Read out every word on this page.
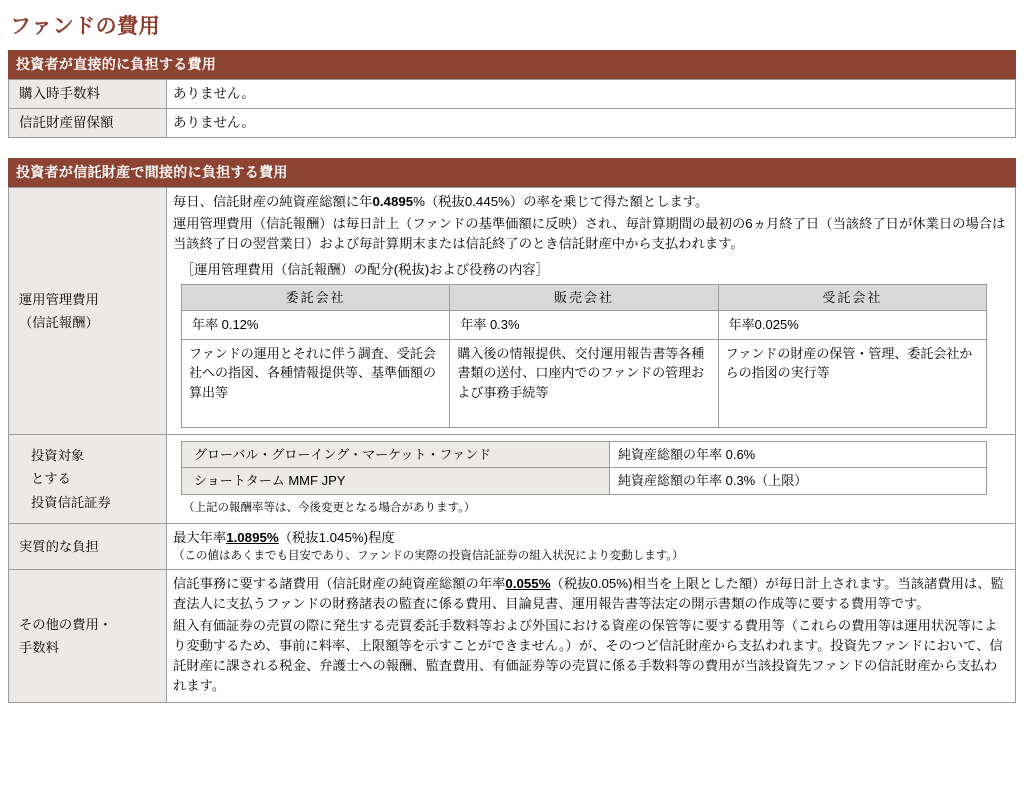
ファンドの費用
投資者が直接的に負担する費用
購入時手数料	ありません。
信託財産留保額	ありません。
投資者が信託財産で間接的に負担する費用
運用管理費用
（信託報酬）

毎日、信託財産の純資産総額に年0.4895%（税抜0.445%）の率を乗じて得た額とします。

運用管理費用（信託報酬）は毎日計上（ファンドの基準価額に反映）され、毎計算期間の最初の6ヵ月終了日（当該終了日が休業日の場合は当該終了日の翌営業日）および毎計算期末または信託終了のとき信託財産中から支払われます。

［運用管理費用（信託報酬）の配分(税抜)および役務の内容］
委託会社	販売会社	受託会社
年率 0.12%	年率 0.3%	年率0.025%
ファンドの運用とそれに伴う調査、受託会社への指図、各種情報提供等、基準価額の算出等	購入後の情報提供、交付運用報告書等各種書類の送付、口座内でのファンドの管理および事務手続等	ファンドの財産の保管・管理、委託会社からの指図の実行等

投資対象
とする
投資信託証券

グローバル・グローイング・マーケット・ファンド	純資産総額の年率 0.6%
ショートターム MMF JPY	純資産総額の年率 0.3%（上限）
（上記の報酬率等は、今後変更となる場合があります。）

実質的な負担	

最大年率1.0895%（税抜1.045%)程度

（この値はあくまでも目安であり、ファンドの実際の投資信託証券の組入状況により変動します。）

その他の費用・
手数料

信託事務に要する諸費用（信託財産の純資産総額の年率0.055%（税抜0.05%)相当を上限とした額）が毎日計上されます。当該諸費用は、監査法人に支払うファンドの財務諸表の監査に係る費用、目論見書、運用報告書等法定の開示書類の作成等に要する費用等です。

組入有価証券の売買の際に発生する売買委託手数料等および外国における資産の保管等に要する費用等（これらの費用等は運用状況等により変動するため、事前に料率、上限額等を示すことができません。）が、そのつど信託財産から支払われます。投資先ファンドにおいて、信託財産に課される税金、弁護士への報酬、監査費用、有価証券等の売買に係る手数料等の費用が当該投資先ファンドの信託財産から支払われます。
